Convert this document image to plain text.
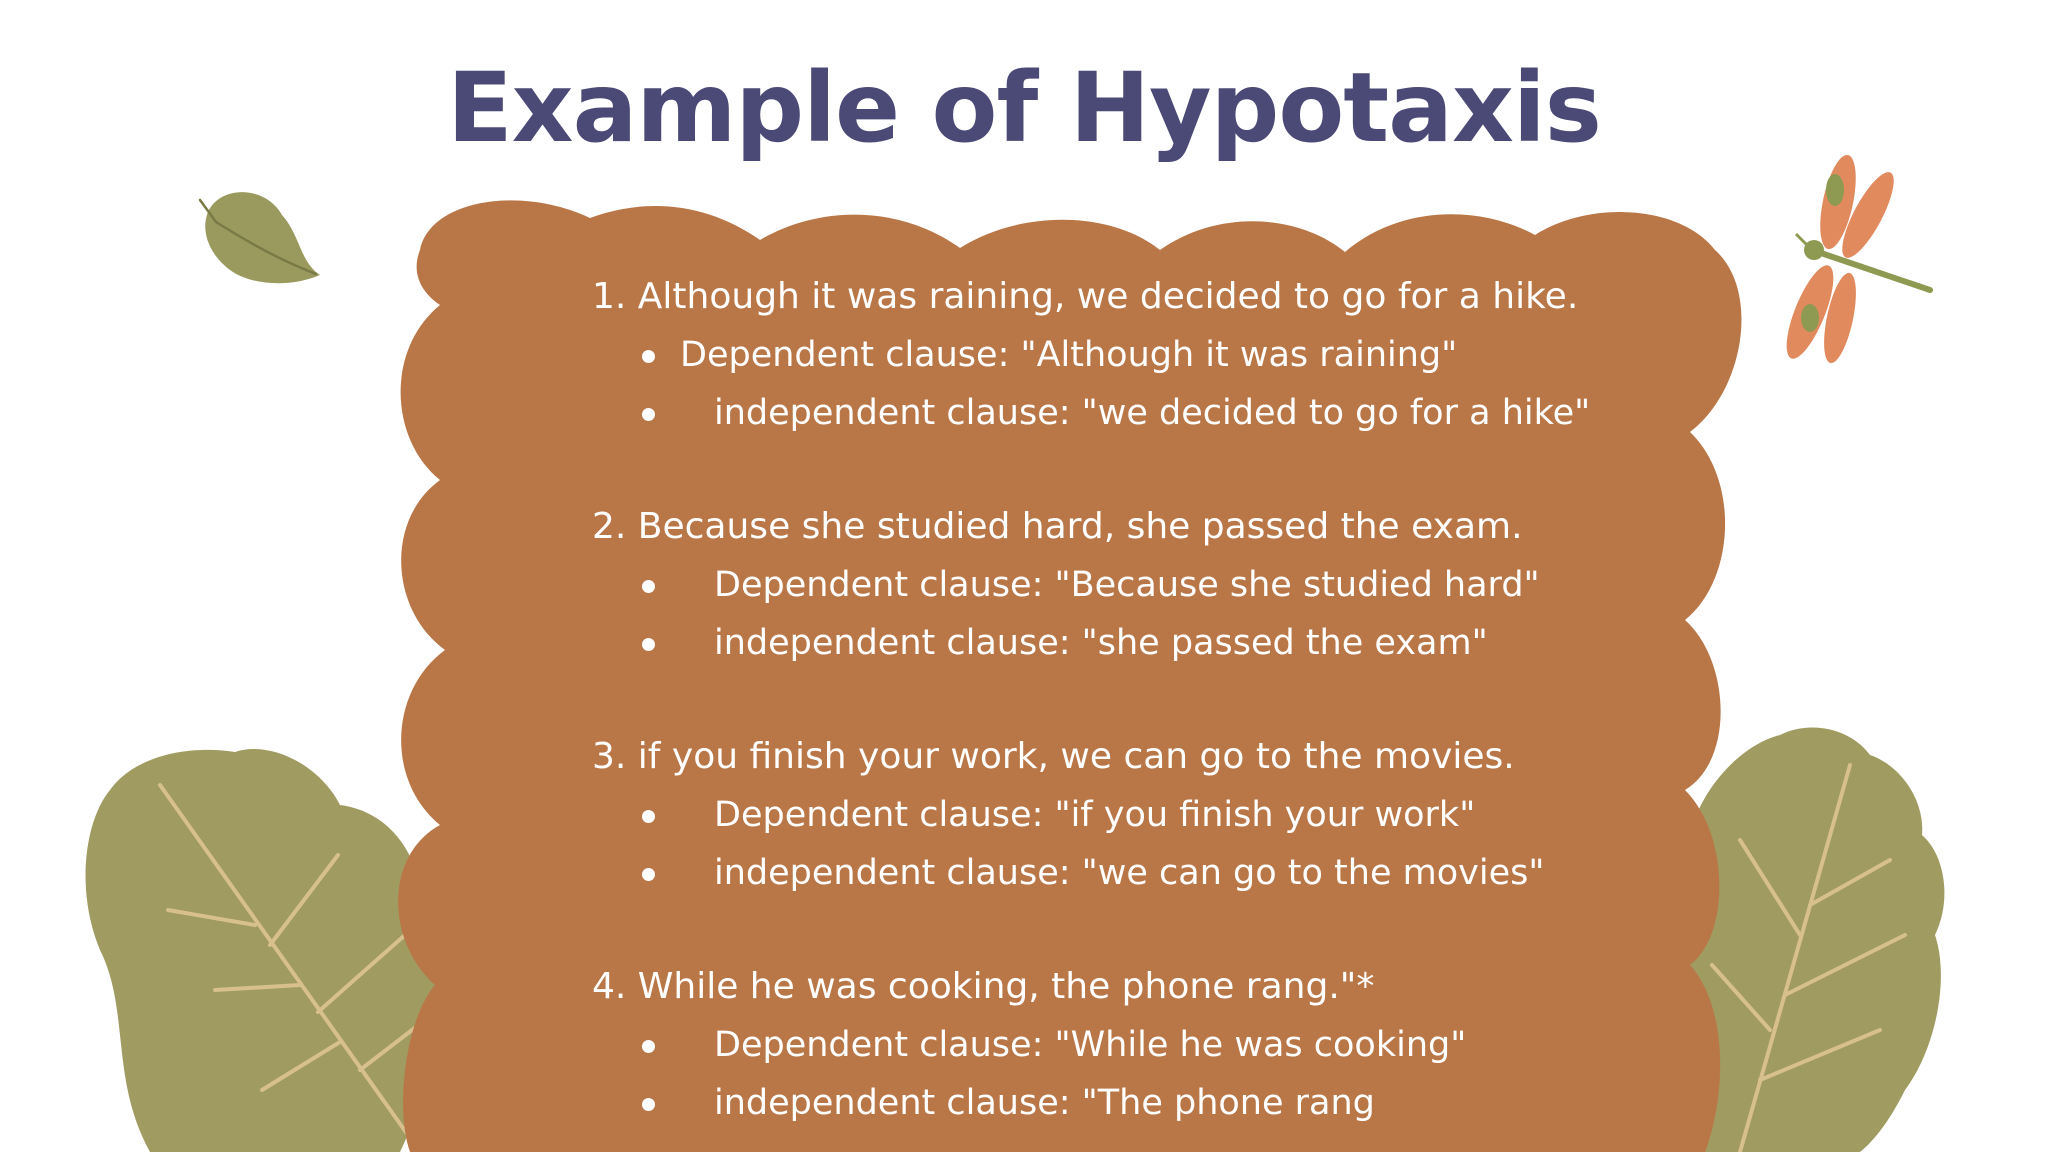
Example of Hypotaxis
1. Although it was raining, we decided to go for a hike.
Dependent clause: "Although it was raining"
independent clause: "we decided to go for a hike"
2. Because she studied hard, she passed the exam.
Dependent clause: "Because she studied hard"
independent clause: "she passed the exam"
3. if you finish your work, we can go to the movies.
Dependent clause: "if you finish your work"
independent clause: "we can go to the movies"
4. While he was cooking, the phone rang."*
Dependent clause: "While he was cooking"
independent clause: "The phone rang
